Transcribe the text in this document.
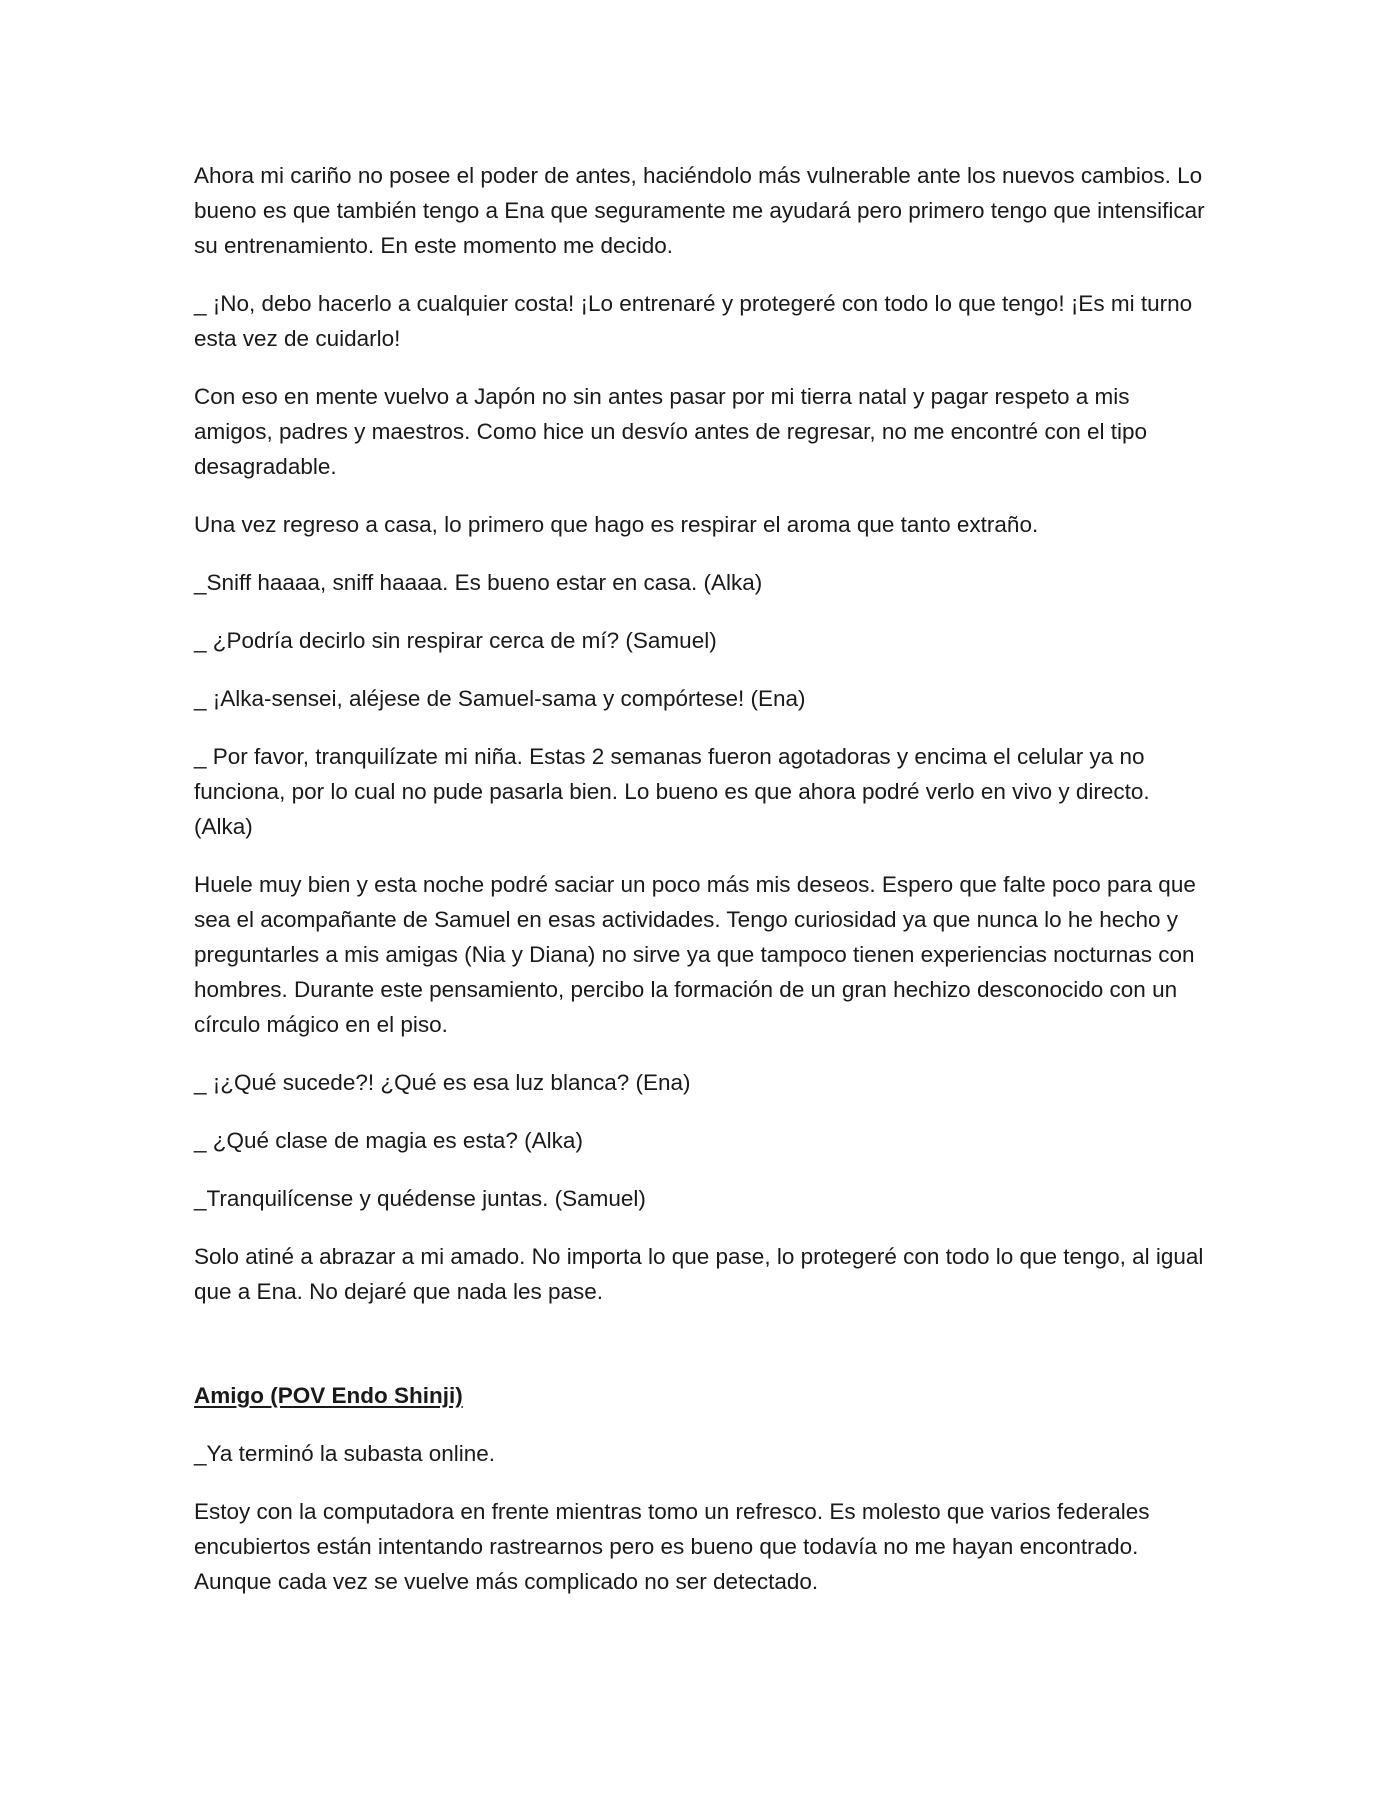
Ahora mi cariño no posee el poder de antes, haciéndolo más vulnerable ante los nuevos cambios. Lo bueno es que también tengo a Ena que seguramente me ayudará pero primero tengo que intensificar su entrenamiento. En este momento me decido.

_ ¡No, debo hacerlo a cualquier costa! ¡Lo entrenaré y protegeré con todo lo que tengo! ¡Es mi turno esta vez de cuidarlo!

Con eso en mente vuelvo a Japón no sin antes pasar por mi tierra natal y pagar respeto a mis amigos, padres y maestros. Como hice un desvío antes de regresar, no me encontré con el tipo desagradable.

Una vez regreso a casa, lo primero que hago es respirar el aroma que tanto extraño.

_Sniff haaaa, sniff haaaa. Es bueno estar en casa. (Alka)

_ ¿Podría decirlo sin respirar cerca de mí? (Samuel)

_ ¡Alka-sensei, aléjese de Samuel-sama y compórtese! (Ena)

_ Por favor, tranquilízate mi niña. Estas 2 semanas fueron agotadoras y encima el celular ya no funciona, por lo cual no pude pasarla bien. Lo bueno es que ahora podré verlo en vivo y directo. (Alka)

Huele muy bien y esta noche podré saciar un poco más mis deseos. Espero que falte poco para que sea el acompañante de Samuel en esas actividades. Tengo curiosidad ya que nunca lo he hecho y preguntarles a mis amigas (Nia y Diana) no sirve ya que tampoco tienen experiencias nocturnas con hombres. Durante este pensamiento, percibo la formación de un gran hechizo desconocido con un círculo mágico en el piso.

_ ¡¿Qué sucede?! ¿Qué es esa luz blanca? (Ena)

_ ¿Qué clase de magia es esta? (Alka)

_Tranquilícense y quédense juntas. (Samuel)

Solo atiné a abrazar a mi amado. No importa lo que pase, lo protegeré con todo lo que tengo, al igual que a Ena. No dejaré que nada les pase.

Amigo (POV Endo Shinji)

_Ya terminó la subasta online.

Estoy con la computadora en frente mientras tomo un refresco. Es molesto que varios federales encubiertos están intentando rastrearnos pero es bueno que todavía no me hayan encontrado. Aunque cada vez se vuelve más complicado no ser detectado.
